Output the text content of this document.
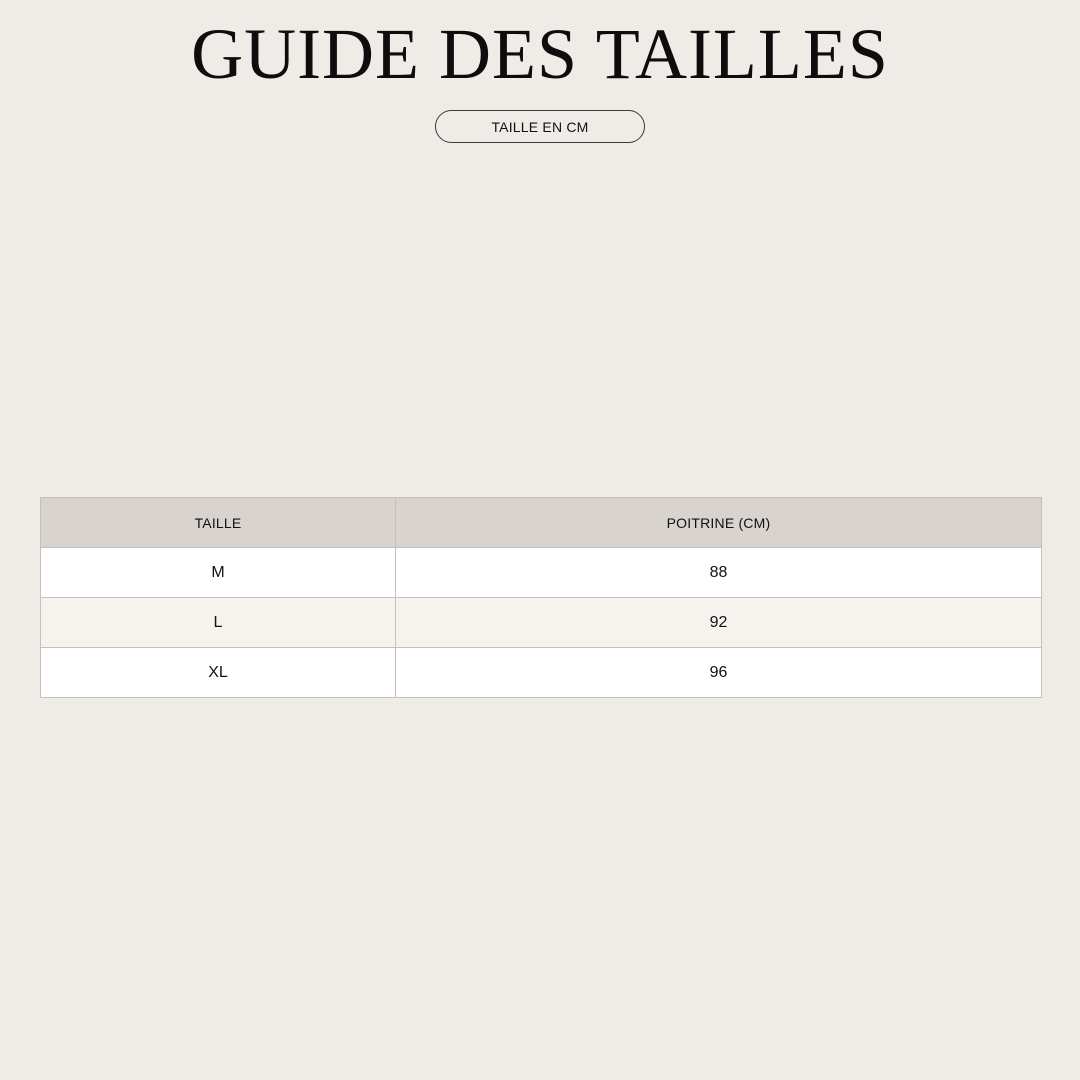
GUIDE DES TAILLES
TAILLE EN CM
TAILLE	POITRINE (CM)
M	88
L	92
XL	96
